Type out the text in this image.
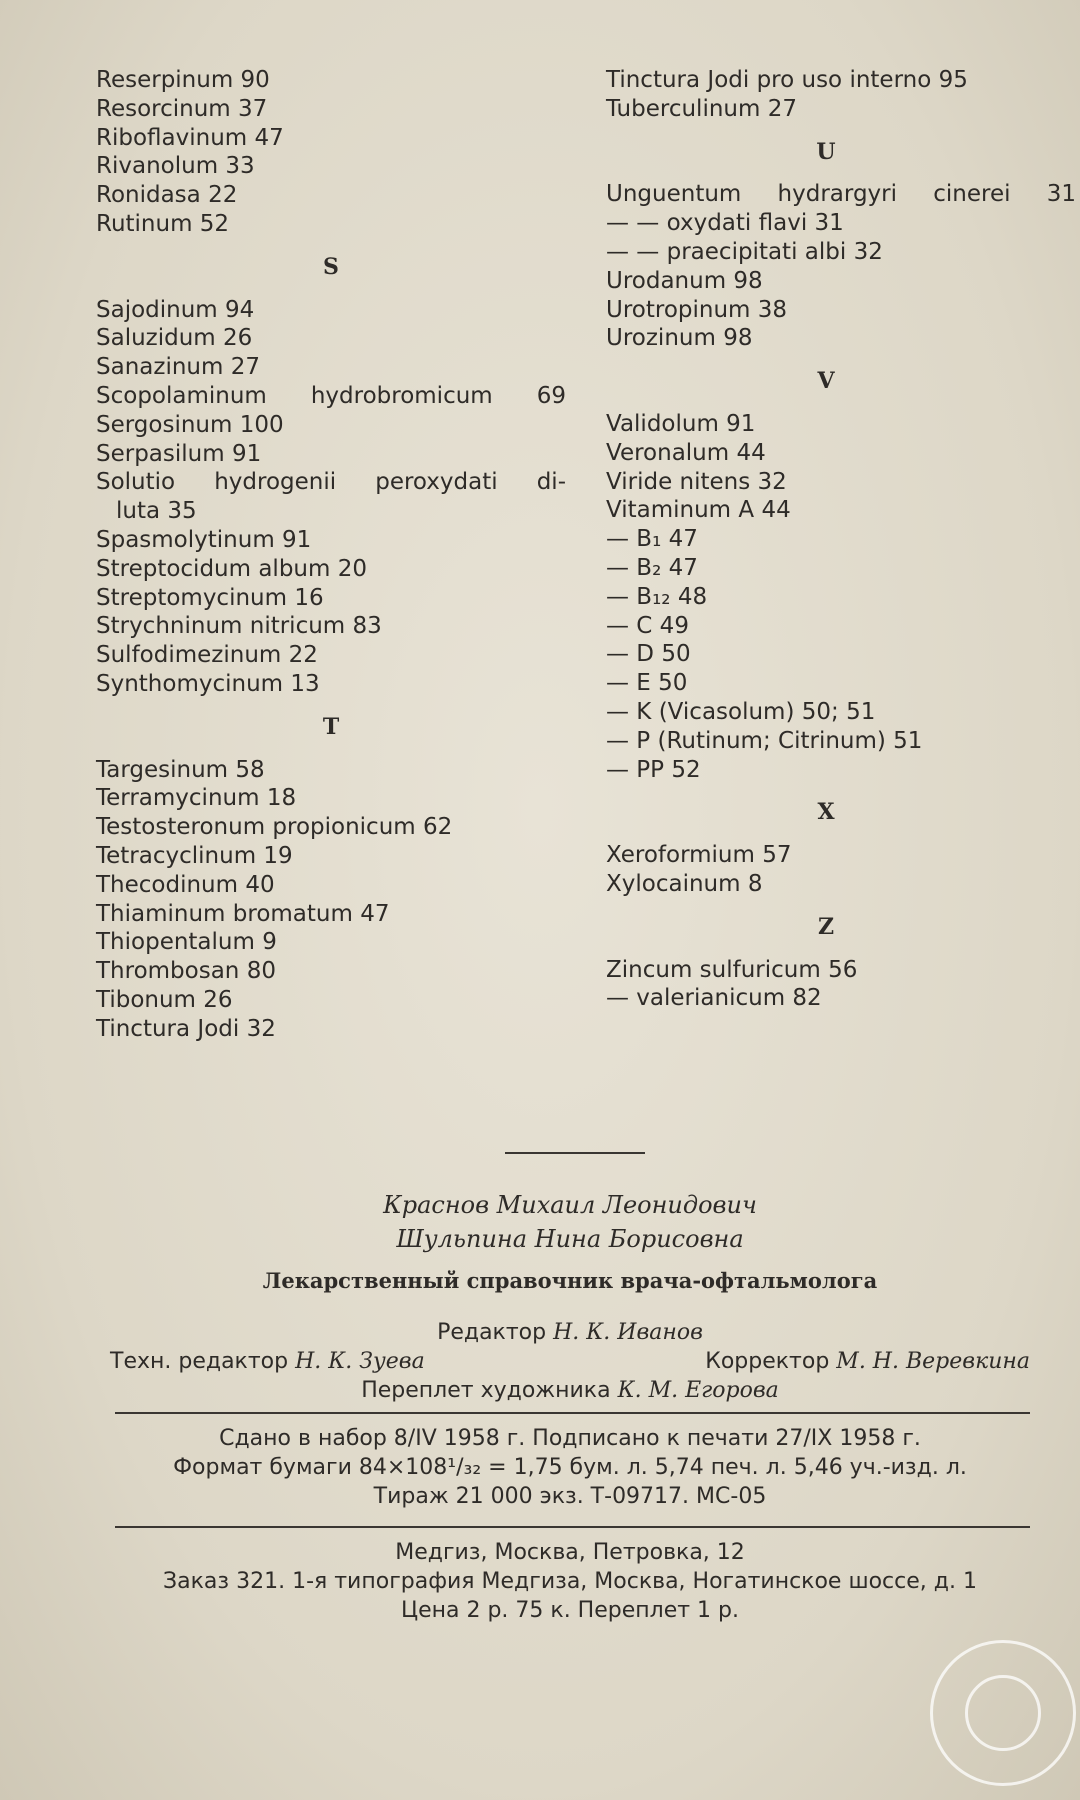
Reserpinum 90
Resorcinum 37
Riboflavinum 47
Rivanolum 33
Ronidasa 22
Rutinum 52
S
Sajodinum 94
Saluzidum 26
Sanazinum 27
Scopolaminum hydrobromicum 69
Sergosinum 100
Serpasilum 91
Solutio hydrogenii peroxydati di-
luta 35
Spasmolytinum 91
Streptocidum album 20
Streptomycinum 16
Strychninum nitricum 83
Sulfodimezinum 22
Synthomycinum 13
T
Targesinum 58
Terramycinum 18
Testosteronum propionicum 62
Tetracyclinum 19
Thecodinum 40
Thiaminum bromatum 47
Thiopentalum 9
Thrombosan 80
Tibonum 26
Tinctura Jodi 32
Tinctura Jodi pro uso interno 95
Tuberculinum 27
U
Unguentum hydrargyri cinerei 31
— — oxydati flavi 31
— — praecipitati albi 32
Urodanum 98
Urotropinum 38
Urozinum 98
V
Validolum 91
Veronalum 44
Viride nitens 32
Vitaminum A 44
— B₁ 47
— B₂ 47
— B₁₂ 48
— C 49
— D 50
— E 50
— K (Vicasolum) 50; 51
— P (Rutinum; Citrinum) 51
— PP 52
X
Xeroformium 57
Xylocainum 8
Z
Zincum sulfuricum 56
— valerianicum 82
Краснов Михаил Леонидович
Шульпина Нина Борисовна
Лекарственный справочник врача-офтальмолога
Редактор Н. К. Иванов
Техн. редактор Н. К. Зуева	Корректор М. Н. Веревкина
Переплет художника К. М. Егорова
Сдано в набор 8/IV 1958 г. Подписано к печати 27/IX 1958 г.
Формат бумаги 84×108¹/₃₂ = 1,75 бум. л. 5,74 печ. л. 5,46 уч.-изд. л.
Тираж 21 000 экз. Т-09717. МС-05
Медгиз, Москва, Петровка, 12
Заказ 321. 1-я типография Медгиза, Москва, Ногатинское шоссе, д. 1
Цена 2 р. 75 к. Переплет 1 р.
